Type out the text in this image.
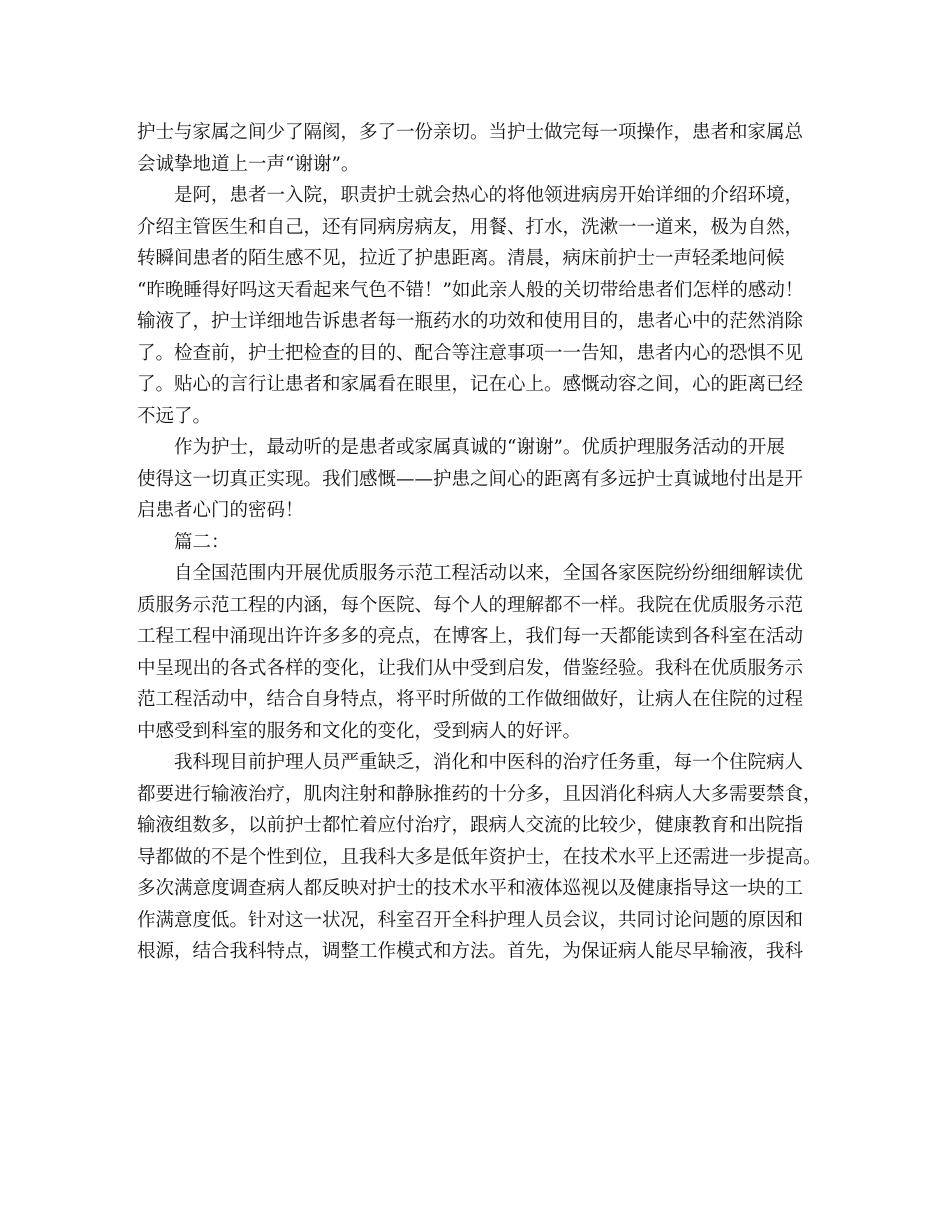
护士与家属之间少了隔阂，多了一份亲切。当护士做完每一项操作，患者和家属总
会诚挚地道上一声“谢谢”。
是阿，患者一入院，职责护士就会热心的将他领进病房开始详细的介绍环境，
介绍主管医生和自己，还有同病房病友，用餐、打水，洗漱一一道来，极为自然，
转瞬间患者的陌生感不见，拉近了护患距离。清晨，病床前护士一声轻柔地问候
“昨晚睡得好吗这天看起来气色不错！”如此亲人般的关切带给患者们怎样的感动！
输液了，护士详细地告诉患者每一瓶药水的功效和使用目的，患者心中的茫然消除
了。检查前，护士把检查的目的、配合等注意事项一一告知，患者内心的恐惧不见
了。贴心的言行让患者和家属看在眼里，记在心上。感慨动容之间，心的距离已经
不远了。
作为护士，最动听的是患者或家属真诚的“谢谢”。优质护理服务活动的开展
使得这一切真正实现。我们感慨——护患之间心的距离有多远护士真诚地付出是开
启患者心门的密码！
篇二：
自全国范围内开展优质服务示范工程活动以来，全国各家医院纷纷细细解读优
质服务示范工程的内涵，每个医院、每个人的理解都不一样。我院在优质服务示范
工程工程中涌现出许许多多的亮点，在博客上，我们每一天都能读到各科室在活动
中呈现出的各式各样的变化，让我们从中受到启发，借鉴经验。我科在优质服务示
范工程活动中，结合自身特点，将平时所做的工作做细做好，让病人在住院的过程
中感受到科室的服务和文化的变化，受到病人的好评。
我科现目前护理人员严重缺乏，消化和中医科的治疗任务重，每一个住院病人
都要进行输液治疗，肌肉注射和静脉推药的十分多，且因消化科病人大多需要禁食，
输液组数多，以前护士都忙着应付治疗，跟病人交流的比较少，健康教育和出院指
导都做的不是个性到位，且我科大多是低年资护士，在技术水平上还需进一步提高。
多次满意度调查病人都反映对护士的技术水平和液体巡视以及健康指导这一块的工
作满意度低。针对这一状况，科室召开全科护理人员会议，共同讨论问题的原因和
根源，结合我科特点，调整工作模式和方法。首先，为保证病人能尽早输液，我科
